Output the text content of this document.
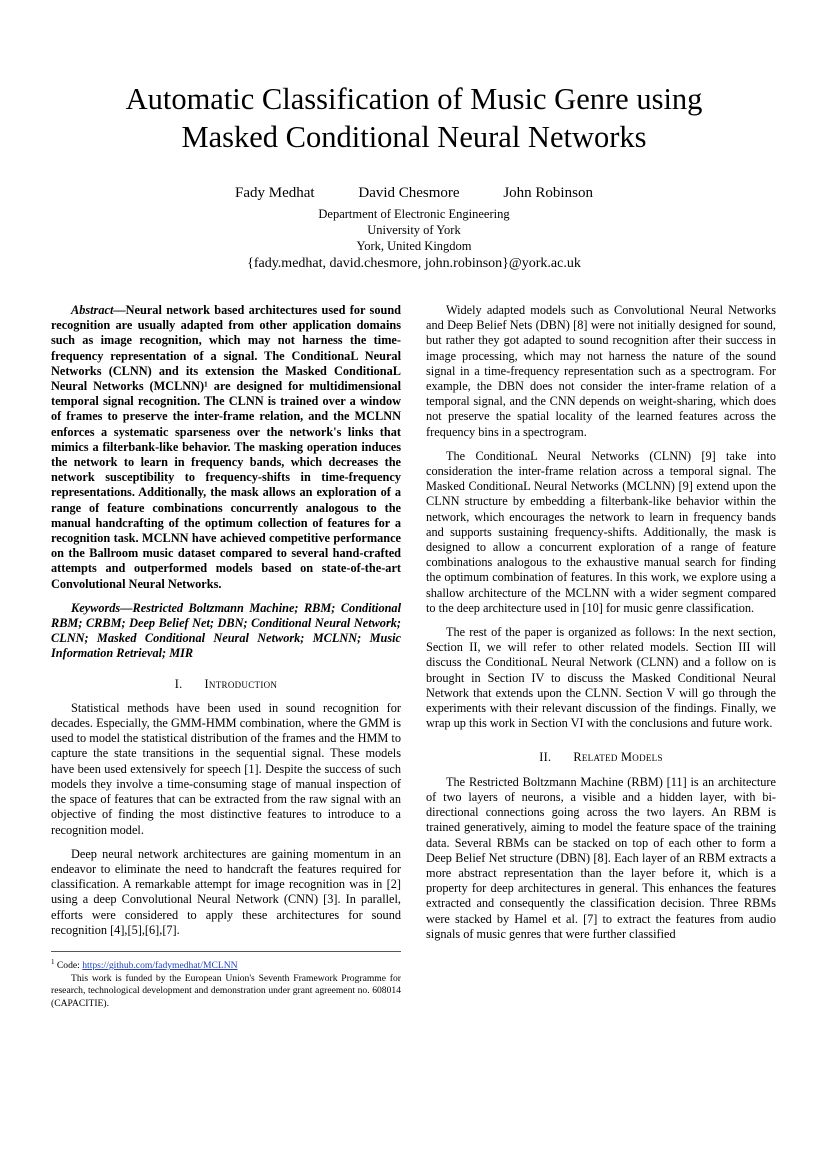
Automatic Classification of Music Genre using
Masked Conditional Neural Networks
Fady Medhat	David Chesmore	John Robinson
Department of Electronic Engineering
University of York
York, United Kingdom
{fady.medhat, david.chesmore, john.robinson}@york.ac.uk

Abstract—Neural network based architectures used for sound recognition are usually adapted from other application domains such as image recognition, which may not harness the time-frequency representation of a signal. The ConditionaL Neural Networks (CLNN) and its extension the Masked ConditionaL Neural Networks (MCLNN)¹ are designed for multidimensional temporal signal recognition. The CLNN is trained over a window of frames to preserve the inter-frame relation, and the MCLNN enforces a systematic sparseness over the network's links that mimics a filterbank-like behavior. The masking operation induces the network to learn in frequency bands, which decreases the network susceptibility to frequency-shifts in time-frequency representations. Additionally, the mask allows an exploration of a range of feature combinations concurrently analogous to the manual handcrafting of the optimum collection of features for a recognition task. MCLNN have achieved competitive performance on the Ballroom music dataset compared to several hand-crafted attempts and outperformed models based on state-of-the-art Convolutional Neural Networks.

Keywords—Restricted Boltzmann Machine; RBM; Conditional RBM; CRBM; Deep Belief Net; DBN; Conditional Neural Network; CLNN; Masked Conditional Neural Network; MCLNN; Music Information Retrieval; MIR

I. Introduction

Statistical methods have been used in sound recognition for decades. Especially, the GMM-HMM combination, where the GMM is used to model the statistical distribution of the frames and the HMM to capture the state transitions in the sequential signal. These models have been used extensively for speech [1]. Despite the success of such models they involve a time-consuming stage of manual inspection of the space of features that can be extracted from the raw signal with an objective of finding the most distinctive features to introduce to a recognition model.

Deep neural network architectures are gaining momentum in an endeavor to eliminate the need to handcraft the features required for classification. A remarkable attempt for image recognition was in [2] using a deep Convolutional Neural Network (CNN) [3]. In parallel, efforts were considered to apply these architectures for sound recognition [4],[5],[6],[7].

Widely adapted models such as Convolutional Neural Networks and Deep Belief Nets (DBN) [8] were not initially designed for sound, but rather they got adapted to sound recognition after their success in image processing, which may not harness the nature of the sound signal in a time-frequency representation such as a spectrogram. For example, the DBN does not consider the inter-frame relation of a temporal signal, and the CNN depends on weight-sharing, which does not preserve the spatial locality of the learned features across the frequency bins in a spectrogram.

The ConditionaL Neural Networks (CLNN) [9] take into consideration the inter-frame relation across a temporal signal. The Masked ConditionaL Neural Networks (MCLNN) [9] extend upon the CLNN structure by embedding a filterbank-like behavior within the network, which encourages the network to learn in frequency bands and supports sustaining frequency-shifts. Additionally, the mask is designed to allow a concurrent exploration of a range of feature combinations analogous to the exhaustive manual search for finding the optimum combination of features. In this work, we explore using a shallow architecture of the MCLNN with a wider segment compared to the deep architecture used in [10] for music genre classification.

The rest of the paper is organized as follows: In the next section, Section II, we will refer to other related models. Section III will discuss the ConditionaL Neural Network (CLNN) and a follow on is brought in Section IV to discuss the Masked Conditional Neural Network that extends upon the CLNN. Section V will go through the experiments with their relevant discussion of the findings. Finally, we wrap up this work in Section VI with the conclusions and future work.

II. Related Models

The Restricted Boltzmann Machine (RBM) [11] is an architecture of two layers of neurons, a visible and a hidden layer, with bi-directional connections going across the two layers. An RBM is trained generatively, aiming to model the feature space of the training data. Several RBMs can be stacked on top of each other to form a Deep Belief Net structure (DBN) [8]. Each layer of an RBM extracts a more abstract representation than the layer before it, which is a property for deep architectures in general. This enhances the features extracted and consequently the classification decision. Three RBMs were stacked by Hamel et al. [7] to extract the features from audio signals of music genres that were further classified

$^1$ Code: https://github.com/fadymedhat/MCLNN
This work is funded by the European Union's Seventh Framework Programme for research, technological development and demonstration under grant agreement no. 608014 (CAPACITIE).
